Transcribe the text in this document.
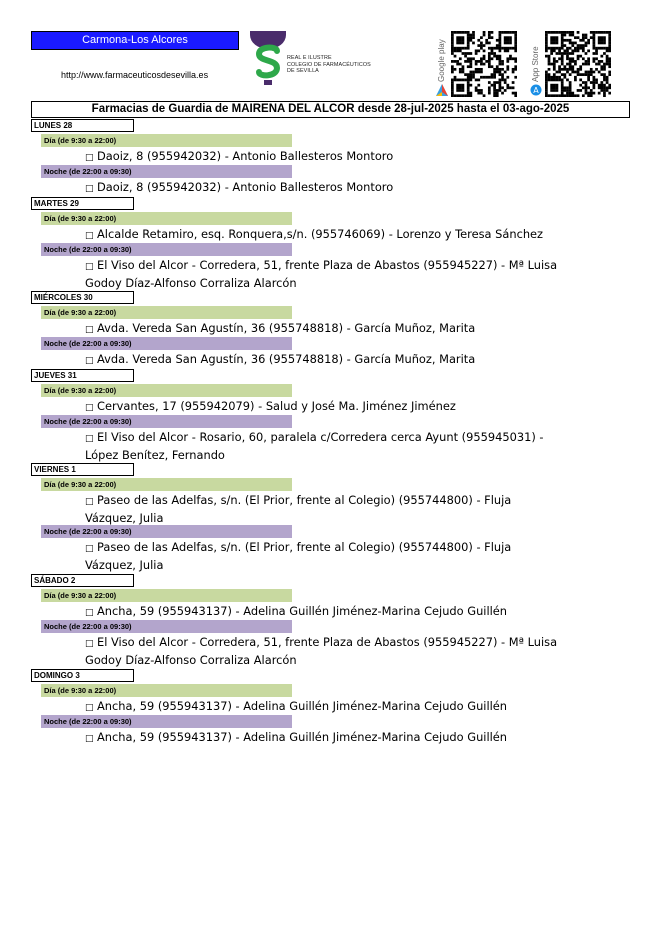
Carmona-Los Alcores
http://www.farmaceuticosdesevilla.es
REAL E ILUSTRE
COLEGIO DE FARMACÉUTICOS
DE SEVILLA	Google play	App Store
A
Farmacias de Guardia de MAIRENA DEL ALCOR desde 28-jul-2025 hasta el 03-ago-2025
LUNES 28
Día (de 9:30 a 22:00)
□ Daoiz, 8 (955942032) - Antonio Ballesteros Montoro
Noche (de 22:00 a 09:30)
□ Daoiz, 8 (955942032) - Antonio Ballesteros Montoro
MARTES 29
Día (de 9:30 a 22:00)
□ Alcalde Retamiro, esq. Ronquera,s/n. (955746069) - Lorenzo y Teresa Sánchez
Noche (de 22:00 a 09:30)
□ El Viso del Alcor - Corredera, 51, frente Plaza de Abastos (955945227) - Mª Luisa
Godoy Díaz-Alfonso Corraliza Alarcón
MIÉRCOLES 30
Día (de 9:30 a 22:00)
□ Avda. Vereda San Agustín, 36 (955748818) - García Muñoz, Marita
Noche (de 22:00 a 09:30)
□ Avda. Vereda San Agustín, 36 (955748818) - García Muñoz, Marita
JUEVES 31
Día (de 9:30 a 22:00)
□ Cervantes, 17 (955942079) - Salud y José Ma. Jiménez Jiménez
Noche (de 22:00 a 09:30)
□ El Viso del Alcor - Rosario, 60, paralela c/Corredera cerca Ayunt (955945031) -
López Benítez, Fernando
VIERNES 1
Día (de 9:30 a 22:00)
□ Paseo de las Adelfas, s/n. (El Prior, frente al Colegio) (955744800) - Fluja
Vázquez, Julia
Noche (de 22:00 a 09:30)
□ Paseo de las Adelfas, s/n. (El Prior, frente al Colegio) (955744800) - Fluja
Vázquez, Julia
SÁBADO 2
Día (de 9:30 a 22:00)
□ Ancha, 59 (955943137) - Adelina Guillén Jiménez-Marina Cejudo Guillén
Noche (de 22:00 a 09:30)
□ El Viso del Alcor - Corredera, 51, frente Plaza de Abastos (955945227) - Mª Luisa
Godoy Díaz-Alfonso Corraliza Alarcón
DOMINGO 3
Día (de 9:30 a 22:00)
□ Ancha, 59 (955943137) - Adelina Guillén Jiménez-Marina Cejudo Guillén
Noche (de 22:00 a 09:30)
□ Ancha, 59 (955943137) - Adelina Guillén Jiménez-Marina Cejudo Guillén
